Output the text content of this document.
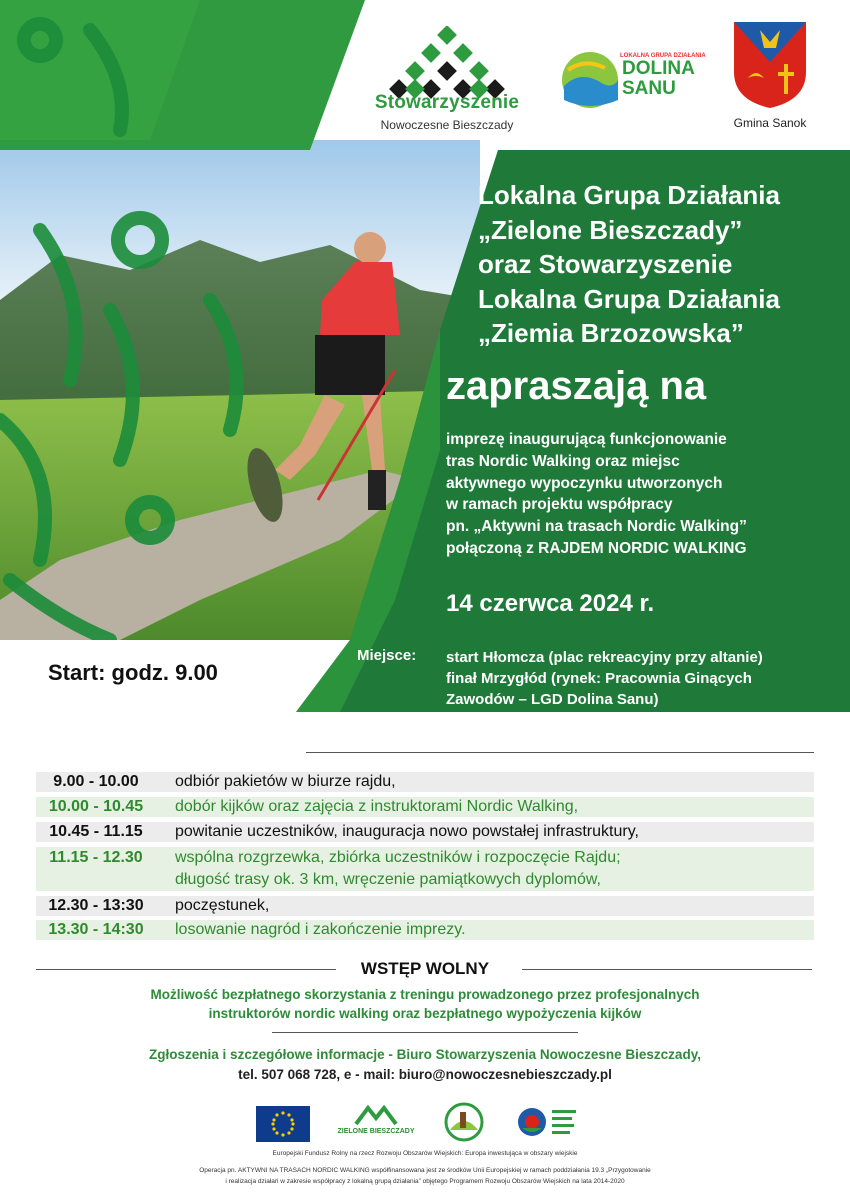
Stowarzyszenie
Nowoczesne Bieszczady
LOKALNA GRUPA DZIAŁANIA
DOLINA
SANU
Gmina Sanok
Lokalna Grupa Działania
„Zielone Bieszczady”
oraz Stowarzyszenie
Lokalna Grupa Działania
„Ziemia Brzozowska”
zapraszają na
imprezę inaugurującą funkcjonowanie
tras Nordic Walking oraz miejsc
aktywnego wypoczynku utworzonych
w ramach projektu współpracy
pn. „Aktywni na trasach Nordic Walking”
połączoną z RAJDEM NORDIC WALKING
14 czerwca 2024 r.
Miejsce: start Hłomcza (plac rekreacyjny przy altanie)
finał Mrzygłód (rynek: Pracownia Ginących
Zawodów – LGD Dolina Sanu)
Start: godz. 9.00
W programie:
9.00 - 10.00	odbiór pakietów w biurze rajdu,
10.00 - 10.45	dobór kijków oraz zajęcia z instruktorami Nordic Walking,
10.45 - 11.15	powitanie uczestników, inauguracja nowo powstałej infrastruktury,
11.15 - 12.30	wspólna rozgrzewka, zbiórka uczestników i rozpoczęcie Rajdu;
długość trasy ok. 3 km, wręczenie pamiątkowych dyplomów,
12.30 - 13:30	poczęstunek,
13.30 - 14:30	losowanie nagród i zakończenie imprezy.
WSTĘP WOLNY
Możliwość bezpłatnego skorzystania z treningu prowadzonego przez profesjonalnych
instruktorów nordic walking oraz bezpłatnego wypożyczenia kijków
Zgłoszenia i szczegółowe informacje - Biuro Stowarzyszenia Nowoczesne Bieszczady,
tel. 507 068 728, e - mail: biuro@nowoczesnebieszczady.pl
ZIELONE BIESZCZADY
Europejski Fundusz Rolny na rzecz Rozwoju Obszarów Wiejskich: Europa inwestująca w obszary wiejskie
Operacja pn. AKTYWNI NA TRASACH NORDIC WALKING współfinansowana jest ze środków Unii Europejskiej w ramach poddziałania 19.3 „Przygotowanie
i realizacja działań w zakresie współpracy z lokalną grupą działania” objętego Programem Rozwoju Obszarów Wiejskich na lata 2014-2020
